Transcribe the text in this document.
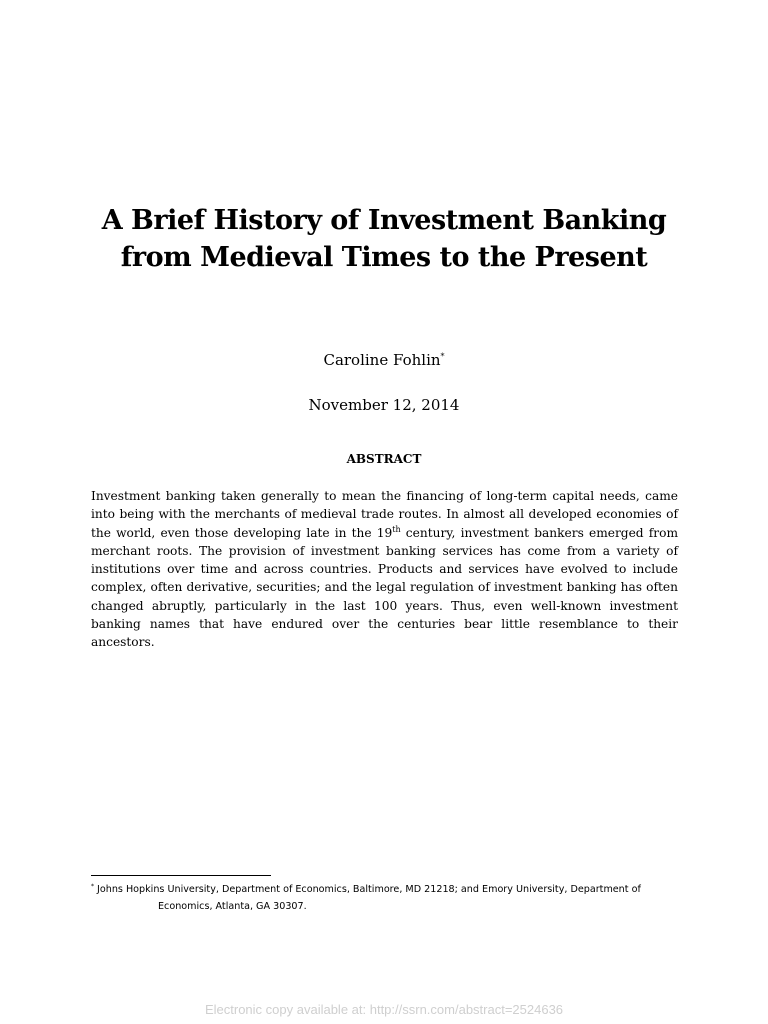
A Brief History of Investment Banking
from Medieval Times to the Present
Caroline Fohlin*
November 12, 2014
ABSTRACT
Investment banking taken generally to mean the financing of long-term capital needs, came into being with the merchants of medieval trade routes. In almost all developed economies of the world, even those developing late in the 19th century, investment bankers emerged from merchant roots. The provision of investment banking services has come from a variety of institutions over time and across countries. Products and services have evolved to include complex, often derivative, securities; and the legal regulation of investment banking has often changed abruptly, particularly in the last 100 years. Thus, even well-known investment banking names that have endured over the centuries bear little resemblance to their ancestors.
* Johns Hopkins University, Department of Economics, Baltimore, MD 21218; and Emory University, Department of
Economics, Atlanta, GA 30307.
Electronic copy available at: http://ssrn.com/abstract=2524636
